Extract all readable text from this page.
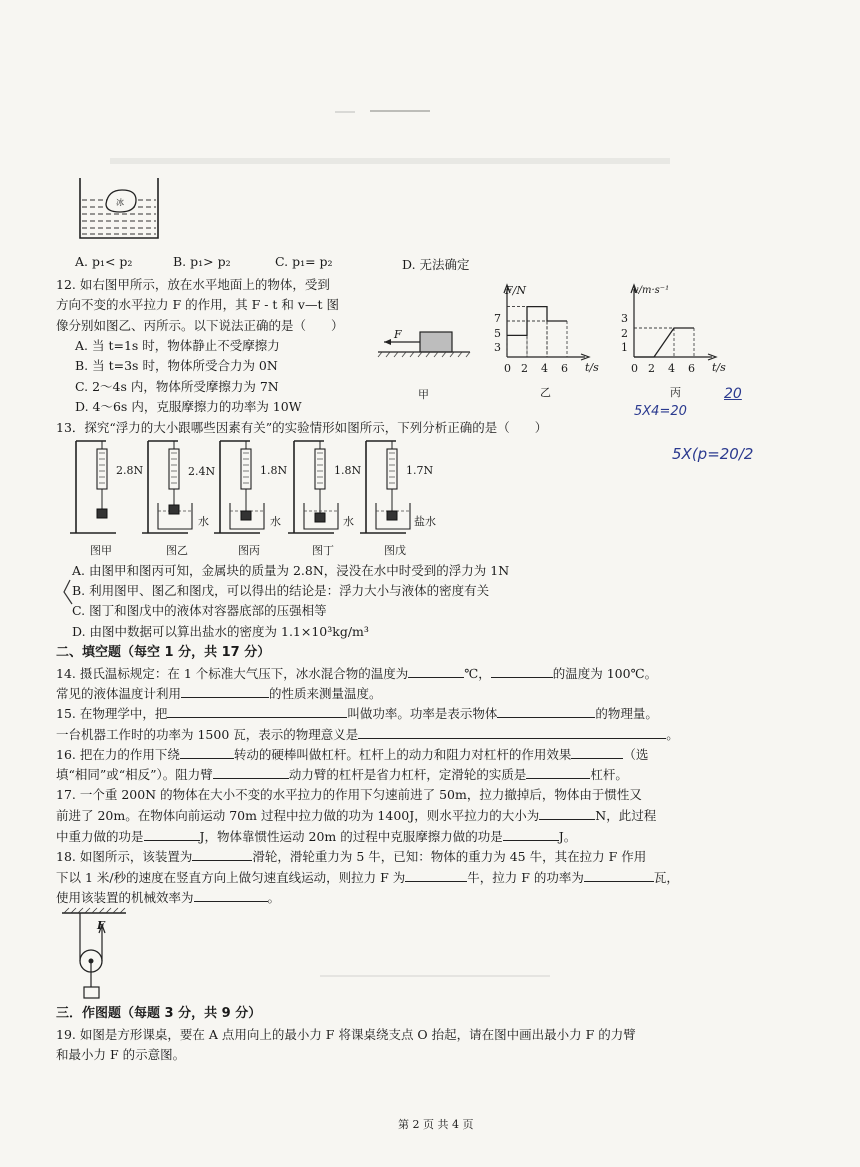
冰
A. p₁< p₂	B. p₁> p₂	C. p₁= p₂	D. 无法确定
12. 如右图甲所示，放在水平地面上的物体，受到
方向不变的水平拉力 F 的作用，其 F - t 和 v—t 图
像分别如图乙、丙所示。以下说法正确的是（　　）
A. 当 t=1s 时，物体静止不受摩擦力
B. 当 t=3s 时，物体所受合力为 0N
C. 2～4s 内，物体所受摩擦力为 7N
D. 4～6s 内，克服摩擦力的功率为 10W
F
甲
F/N
7
5
3
0 2 4 6 t/s
乙
v/m·s⁻¹
3
2
1
0 2 4 6 t/s
丙	20
5X4=20
5X(p=20/2
13．探究“浮力的大小跟哪些因素有关”的实验情形如图所示，下列分析正确的是（　　）
2.8N	2.4N	1.8N	1.8N	1.7N
水	水	水	盐水
图甲	图乙	图丙	图丁	图戊
A. 由图甲和图丙可知，金属块的质量为 2.8N，浸没在水中时受到的浮力为 1N
B. 利用图甲、图乙和图戊，可以得出的结论是：浮力大小与液体的密度有关
C. 图丁和图戊中的液体对容器底部的压强相等
D. 由图中数据可以算出盐水的密度为 1.1×10³kg/m³
二、填空题（每空 1 分，共 17 分）
14. 摄氏温标规定：在 1 个标准大气压下，冰水混合物的温度为	℃，	的温度为 100℃。
常见的液体温度计利用	的性质来测量温度。
15. 在物理学中，把	叫做功率。功率是表示物体	的物理量。
一台机器工作时的功率为 1500 瓦，表示的物理意义是	。
16. 把在力的作用下绕	转动的硬棒叫做杠杆。杠杆上的动力和阻力对杠杆的作用效果	（选
填“相同”或“相反”）。阻力臂	动力臂的杠杆是省力杠杆，定滑轮的实质是	杠杆。
17. 一个重 200N 的物体在大小不变的水平拉力的作用下匀速前进了 50m，拉力撤掉后，物体由于惯性又
前进了 20m。在物体向前运动 70m 过程中拉力做的功为 1400J，则水平拉力的大小为	N，此过程
中重力做的功是	J，物体靠惯性运动 20m 的过程中克服摩擦力做的功是	J。
18. 如图所示，该装置为	滑轮，滑轮重力为 5 牛，已知：物体的重力为 45 牛，其在拉力 F 作用
下以 1 米/秒的速度在竖直方向上做匀速直线运动，则拉力 F 为	牛，拉力 F 的功率为	瓦，
使用该装置的机械效率为	。
F
三．作图题（每题 3 分，共 9 分）
19. 如图是方形课桌，要在 A 点用向上的最小力 F 将课桌绕支点 O 抬起，请在图中画出最小力 F 的力臂
和最小力 F 的示意图。
第 2 页 共 4 页
